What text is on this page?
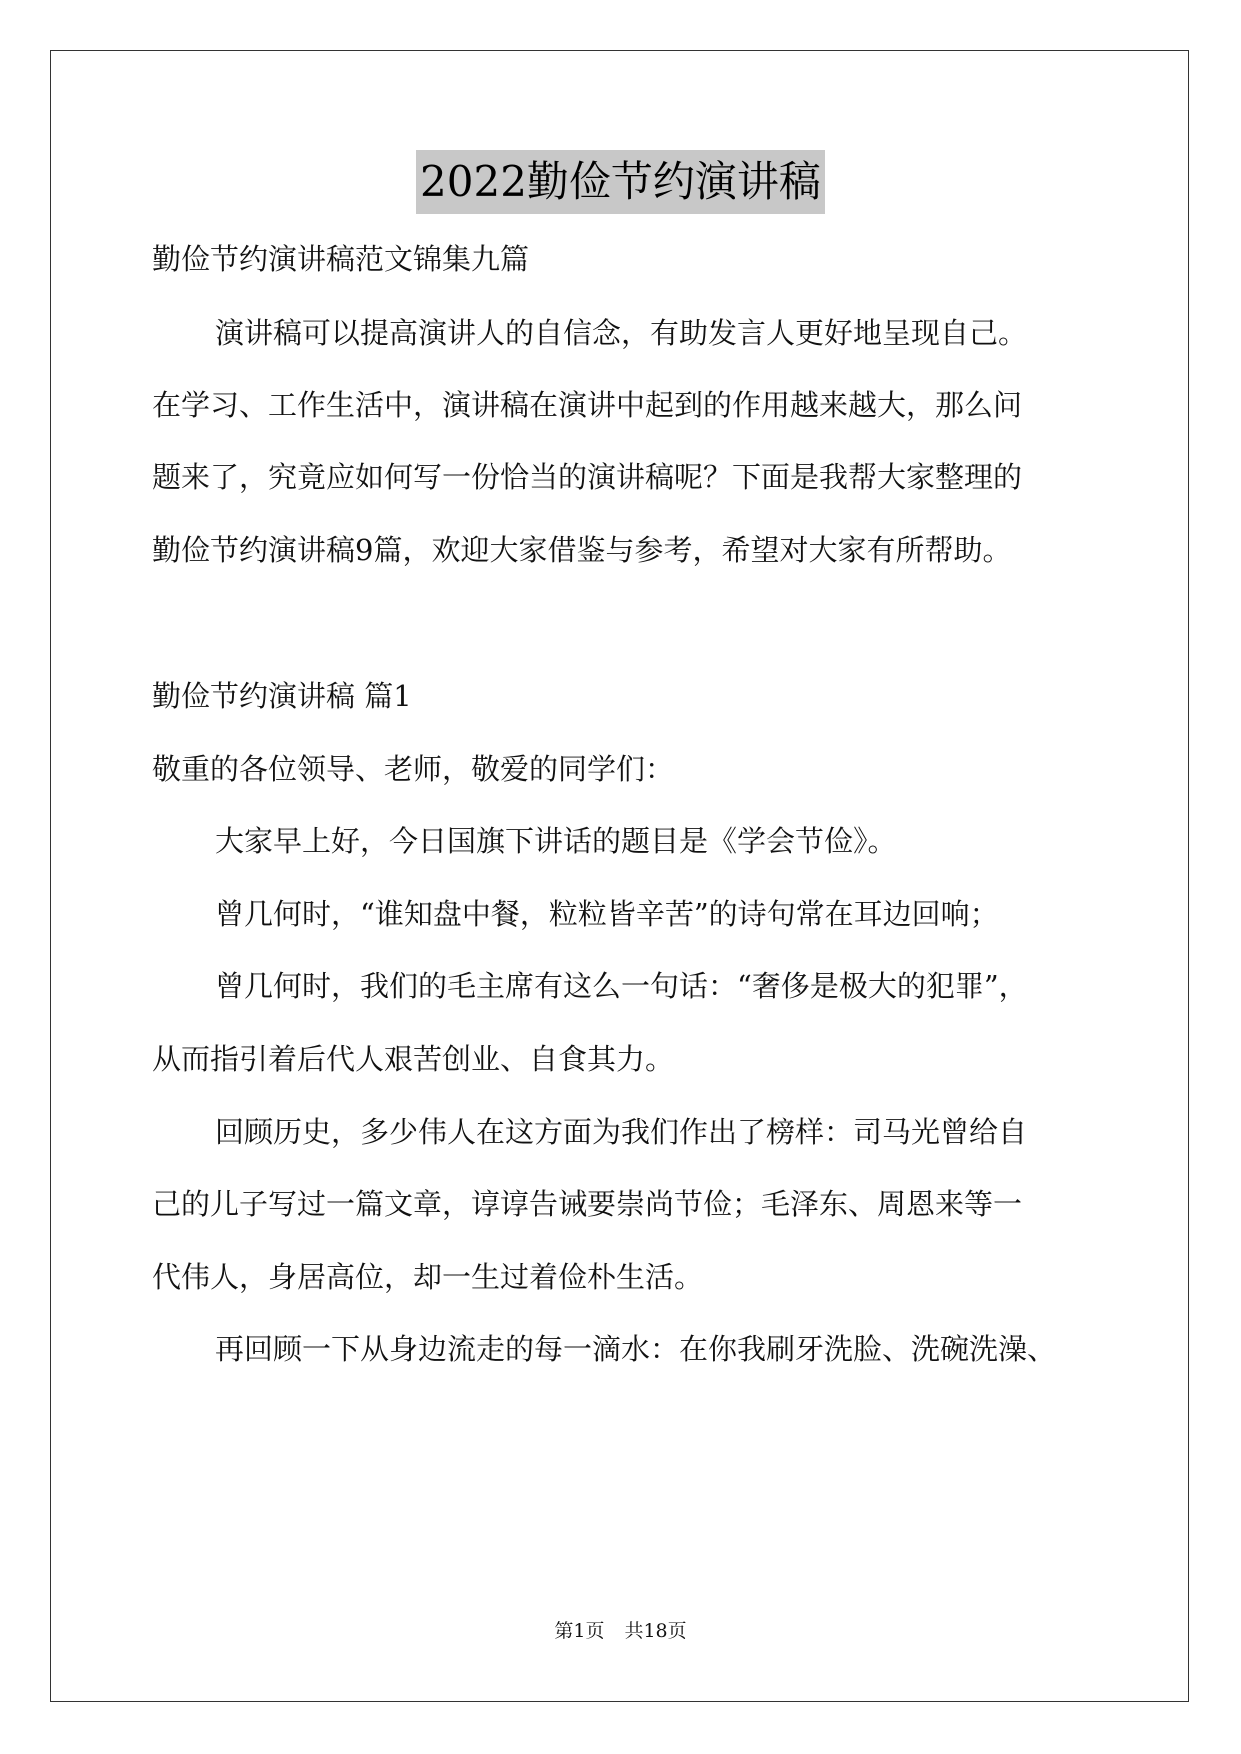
2022勤俭节约演讲稿
勤俭节约演讲稿范文锦集九篇
演讲稿可以提高演讲人的自信念，有助发言人更好地呈现自己。
在学习、工作生活中，演讲稿在演讲中起到的作用越来越大，那么问
题来了，究竟应如何写一份恰当的演讲稿呢？下面是我帮大家整理的
勤俭节约演讲稿9篇，欢迎大家借鉴与参考，希望对大家有所帮助。
勤俭节约演讲稿 篇1
敬重的各位领导、老师，敬爱的同学们：
大家早上好，今日国旗下讲话的题目是《学会节俭》。
曾几何时，“谁知盘中餐，粒粒皆辛苦”的诗句常在耳边回响；
曾几何时，我们的毛主席有这么一句话：“奢侈是极大的犯罪”，
从而指引着后代人艰苦创业、自食其力。
回顾历史，多少伟人在这方面为我们作出了榜样：司马光曾给自
己的儿子写过一篇文章，谆谆告诫要崇尚节俭；毛泽东、周恩来等一
代伟人，身居高位，却一生过着俭朴生活。
再回顾一下从身边流走的每一滴水：在你我刷牙洗脸、洗碗洗澡、
第1页 共18页
